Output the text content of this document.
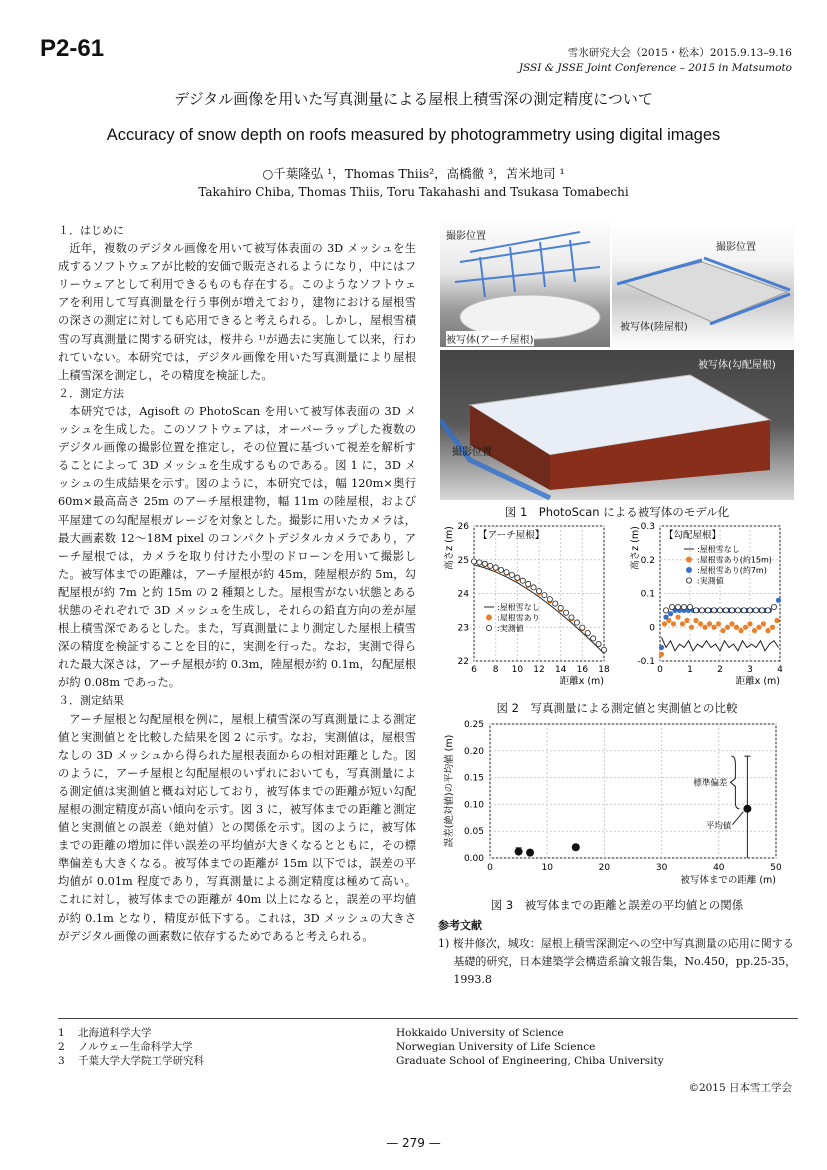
P2-61	雪氷研究大会（2015・松本）2015.9.13–9.16
JSSI & JSSE Joint Conference – 2015 in Matsumoto
デジタル画像を用いた写真測量による屋根上積雪深の測定精度について
Accuracy of snow depth on roofs measured by photogrammetry using digital images
○千葉隆弘 ¹，Thomas Thiis²，高橋徹 ³，苫米地司 ¹
Takahiro Chiba, Thomas Thiis, Toru Takahashi and Tsukasa Tomabechi
１．はじめに

近年，複数のデジタル画像を用いて被写体表面の 3D メッシュを生成するソフトウェアが比較的安価で販売されるようになり，中にはフリーウェアとして利用できるものも存在する。このようなソフトウェアを利用して写真測量を行う事例が増えており，建物における屋根雪の深さの測定に対しても応用できると考えられる。しかし，屋根雪積雪の写真測量に関する研究は，桜井ら ¹⁾が過去に実施して以来，行われていない。本研究では，デジタル画像を用いた写真測量により屋根上積雪深を測定し，その精度を検証した。

２．測定方法

本研究では，Agisoft の PhotoScan を用いて被写体表面の 3D メッシュを生成した。このソフトウェアは，オーバーラップした複数のデジタル画像の撮影位置を推定し，その位置に基づいて視差を解析することによって 3D メッシュを生成するものである。図 1 に，3D メッシュの生成結果を示す。図のように，本研究では，幅 120m×奥行 60m×最高高さ 25m のアーチ屋根建物，幅 11m の陸屋根，および平屋建ての勾配屋根ガレージを対象とした。撮影に用いたカメラは，最大画素数 12〜18M pixel のコンパクトデジタルカメラであり，アーチ屋根では，カメラを取り付けた小型のドローンを用いて撮影した。被写体までの距離は，アーチ屋根が約 45m，陸屋根が約 5m，勾配屋根が約 7m と約 15m の 2 種類とした。屋根雪がない状態とある状態のそれぞれで 3D メッシュを生成し，それらの鉛直方向の差が屋根上積雪深であるとした。また，写真測量により測定した屋根上積雪深の精度を検証することを目的に，実測を行った。なお，実測で得られた最大深さは，アーチ屋根が約 0.3m，陸屋根が約 0.1m，勾配屋根が約 0.08m であった。

３．測定結果

アーチ屋根と勾配屋根を例に，屋根上積雪深の写真測量による測定値と実測値とを比較した結果を図 2 に示す。なお，実測値は，屋根雪なしの 3D メッシュから得られた屋根表面からの相対距離とした。図のように，アーチ屋根と勾配屋根のいずれにおいても，写真測量による測定値は実測値と概ね対応しており，被写体までの距離が短い勾配屋根の測定精度が高い傾向を示す。図 3 に，被写体までの距離と測定値と実測値との誤差（絶対値）との関係を示す。図のように，被写体までの距離の増加に伴い誤差の平均値が大きくなるとともに，その標準偏差も大きくなる。被写体までの距離が 15m 以下では，誤差の平均値が 0.01m 程度であり，写真測量による測定精度は極めて高い。これに対し，被写体までの距離が 40m 以上になると，誤差の平均値が約 0.1m となり，精度が低下する。これは，3D メッシュの大きさがデジタル画像の画素数に依存するためであると考えられる。

撮影位置
被写体(アーチ屋根)
撮影位置
被写体(陸屋根)
被写体(勾配屋根)
撮影位置
図 1　PhotoScan による被写体のモデル化
22
23
24
25
26
6 8 10 12 14 16 18
距離x (m)
高さz (m) 【アーチ屋根】
:屋根雪なし
:屋根雪あり
:実測値
-0.1
0
0.1
0.2
0.3
0	1	2	3	4
距離x (m)
高さz (m) 【勾配屋根】
:屋根雪なし
:屋根雪あり(約15m)
:屋根雪あり(約7m)
:実測値
図 2　写真測量による測定値と実測値との比較
0.00
0.05
0.10
0.15
0.20
0.25
0	10	20	30	40	50
被写体までの距離 (m)
誤差(絶対値)の平均値 (m)	標準偏差
平均値
図 3　被写体までの距離と誤差の平均値との関係
参考文献
1) 桜井修次，城攻：屋根上積雪深測定への空中写真測量の応用に関する基礎的研究，日本建築学会構造系論文報告集，No.450，pp.25-35，1993.8
1	北海道科学大学	Hokkaido University of Science
2	ノルウェー生命科学大学	Norwegian University of Life Science
3	千葉大学大学院工学研究科	Graduate School of Engineering, Chiba University
©2015 日本雪工学会
— 279 —
